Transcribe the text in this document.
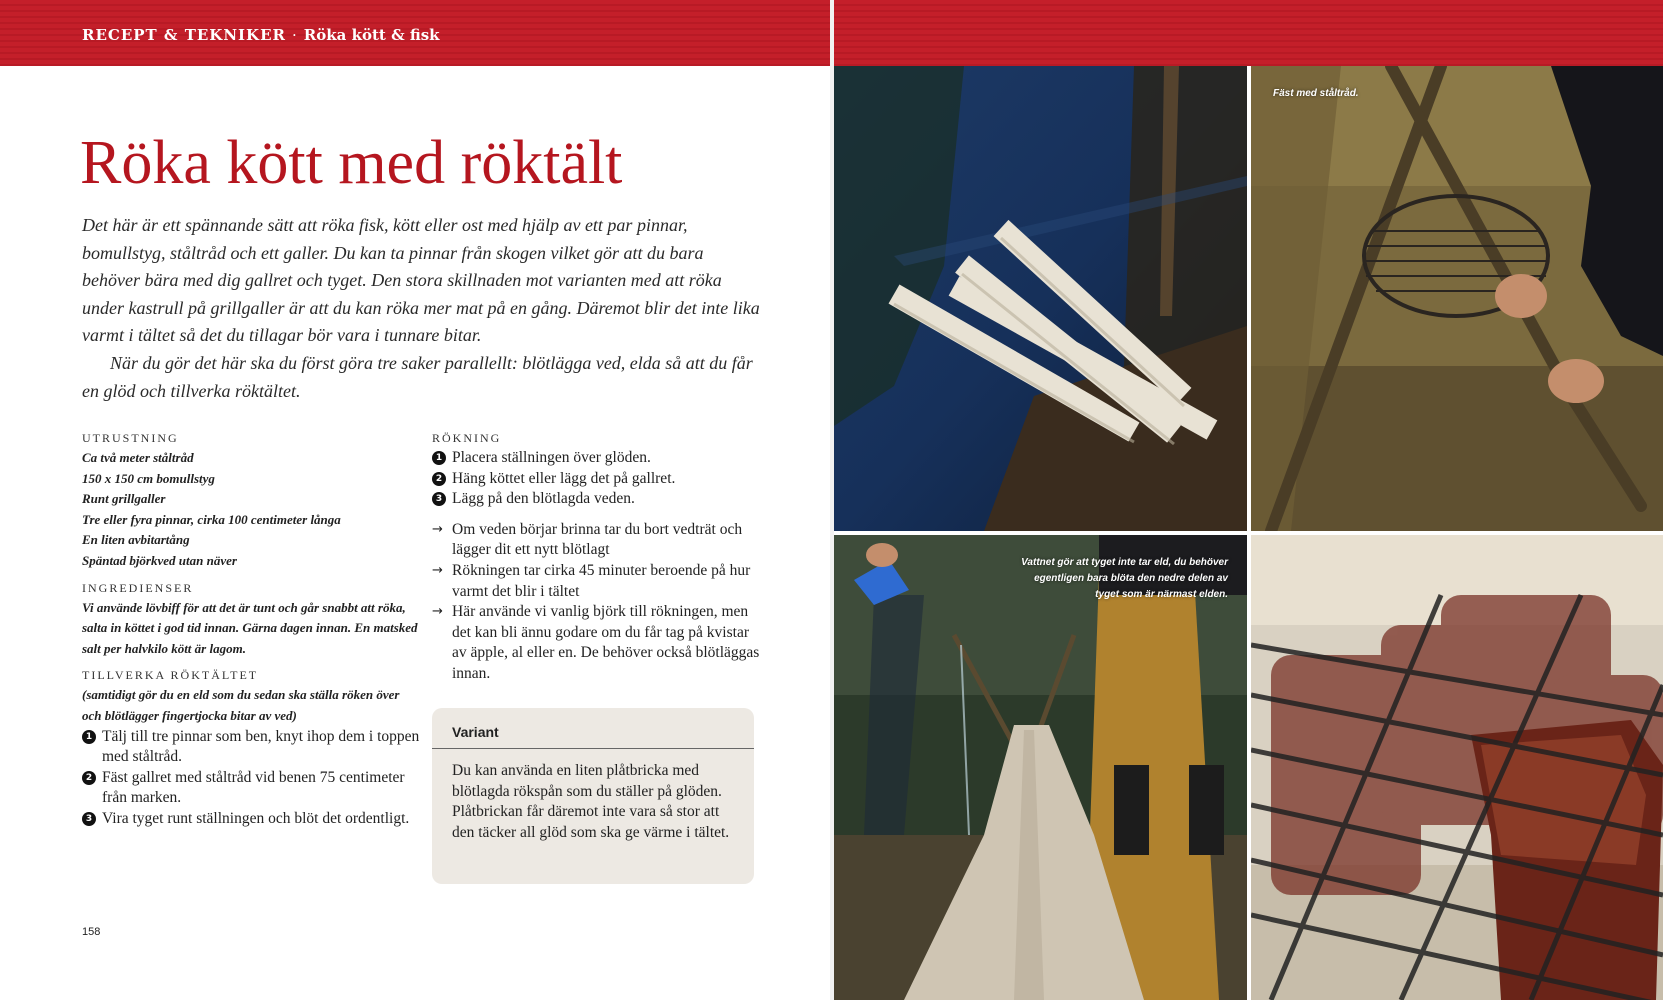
RECEPT & TEKNIKER · Röka kött & fisk
Röka kött med röktält

Det här är ett spännande sätt att röka fisk, kött eller ost med hjälp av ett par pinnar, bomullstyg, ståltråd och ett galler. Du kan ta pinnar från skogen vilket gör att du bara behöver bära med dig gallret och tyget. Den stora skillnaden mot varianten med att röka under kastrull på grillgaller är att du kan röka mer mat på en gång. Däremot blir det inte lika varmt i tältet så det du tillagar bör vara i tunnare bitar.

När du gör det här ska du först göra tre saker parallellt: blötlägga ved, elda så att du får en glöd och tillverka röktältet.

UTRUSTNING
Ca två meter ståltråd
150 x 150 cm bomullstyg
Runt grillgaller
Tre eller fyra pinnar, cirka 100 centimeter långa
En liten avbitartång
Späntad björkved utan näver
INGREDIENSER

Vi använde lövbiff för att det är tunt och går snabbt att röka, salta in köttet i god tid innan. Gärna dagen innan. En matsked salt per halvkilo kött är lagom.

TILLVERKA RÖKTÄLTET

(samtidigt gör du en eld som du sedan ska ställa röken över och blötlägger fingertjocka bitar av ved)

1 Tälj till tre pinnar som ben, knyt ihop dem i toppen med ståltråd.
2 Fäst gallret med ståltråd vid benen 75 centimeter från marken.
3 Vira tyget runt ställningen och blöt det ordentligt.
RÖKNING
1 Placera ställningen över glöden.
2 Häng köttet eller lägg det på gallret.
3 Lägg på den blötlagda veden.
→ Om veden börjar brinna tar du bort vedträt och lägger dit ett nytt blötlagt
→ Rökningen tar cirka 45 minuter beroende på hur varmt det blir i tältet
→ Här använde vi vanlig björk till rökningen, men det kan bli ännu godare om du får tag på kvistar av äpple, al eller en. De behöver också blötläggas innan.
Variant

Du kan använda en liten plåtbricka med blötlagda rökspån som du ställer på glöden. Plåtbrickan får däremot inte vara så stor att den täcker all glöd som ska ge värme i tältet.

158
Fäst med ståltråd.
Vattnet gör att tyget inte tar eld, du behöver egentligen bara blöta den nedre delen av tyget som är närmast elden.
